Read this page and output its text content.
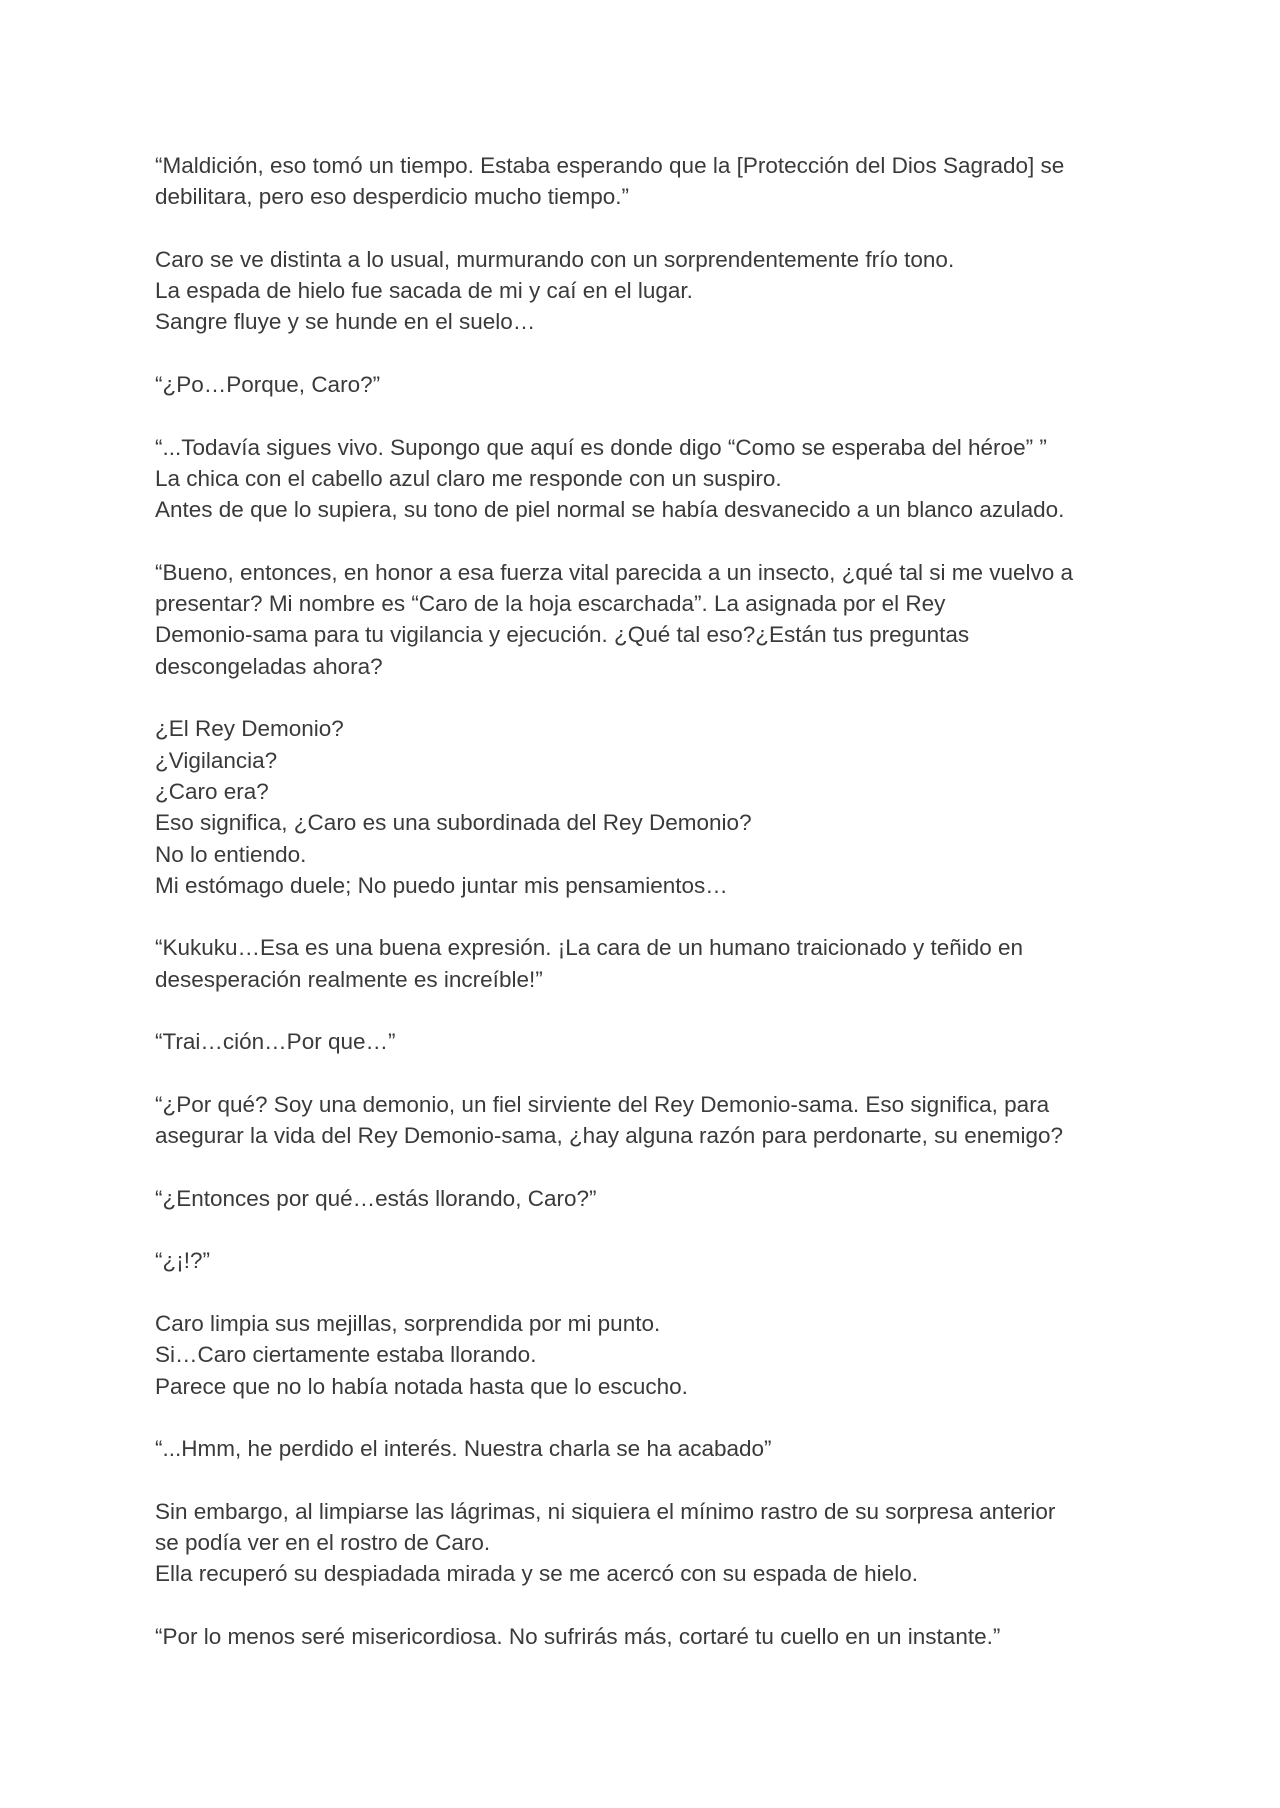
“Maldición, eso tomó un tiempo. Estaba esperando que la [Protección del Dios Sagrado] se
debilitara, pero eso desperdicio mucho tiempo.”
Caro se ve distinta a lo usual, murmurando con un sorprendentemente frío tono.
La espada de hielo fue sacada de mi y caí en el lugar.
Sangre fluye y se hunde en el suelo…
“¿Po…Porque, Caro?”
“...Todavía sigues vivo. Supongo que aquí es donde digo “Como se esperaba del héroe” ”
La chica con el cabello azul claro me responde con un suspiro.
Antes de que lo supiera, su tono de piel normal se había desvanecido a un blanco azulado.
“Bueno, entonces, en honor a esa fuerza vital parecida a un insecto, ¿qué tal si me vuelvo a
presentar? Mi nombre es “Caro de la hoja escarchada”. La asignada por el Rey
Demonio-sama para tu vigilancia y ejecución. ¿Qué tal eso?¿Están tus preguntas
descongeladas ahora?
¿El Rey Demonio?
¿Vigilancia?
¿Caro era?
Eso significa, ¿Caro es una subordinada del Rey Demonio?
No lo entiendo.
Mi estómago duele; No puedo juntar mis pensamientos…
“Kukuku…Esa es una buena expresión. ¡La cara de un humano traicionado y teñido en
desesperación realmente es increíble!”
“Trai…ción…Por que…”
“¿Por qué? Soy una demonio, un fiel sirviente del Rey Demonio-sama. Eso significa, para
asegurar la vida del Rey Demonio-sama, ¿hay alguna razón para perdonarte, su enemigo?
“¿Entonces por qué…estás llorando, Caro?”
“¿¡!?”
Caro limpia sus mejillas, sorprendida por mi punto.
Si…Caro ciertamente estaba llorando.
Parece que no lo había notada hasta que lo escucho.
“...Hmm, he perdido el interés. Nuestra charla se ha acabado”
Sin embargo, al limpiarse las lágrimas, ni siquiera el mínimo rastro de su sorpresa anterior
se podía ver en el rostro de Caro.
Ella recuperó su despiadada mirada y se me acercó con su espada de hielo.
“Por lo menos seré misericordiosa. No sufrirás más, cortaré tu cuello en un instante.”
